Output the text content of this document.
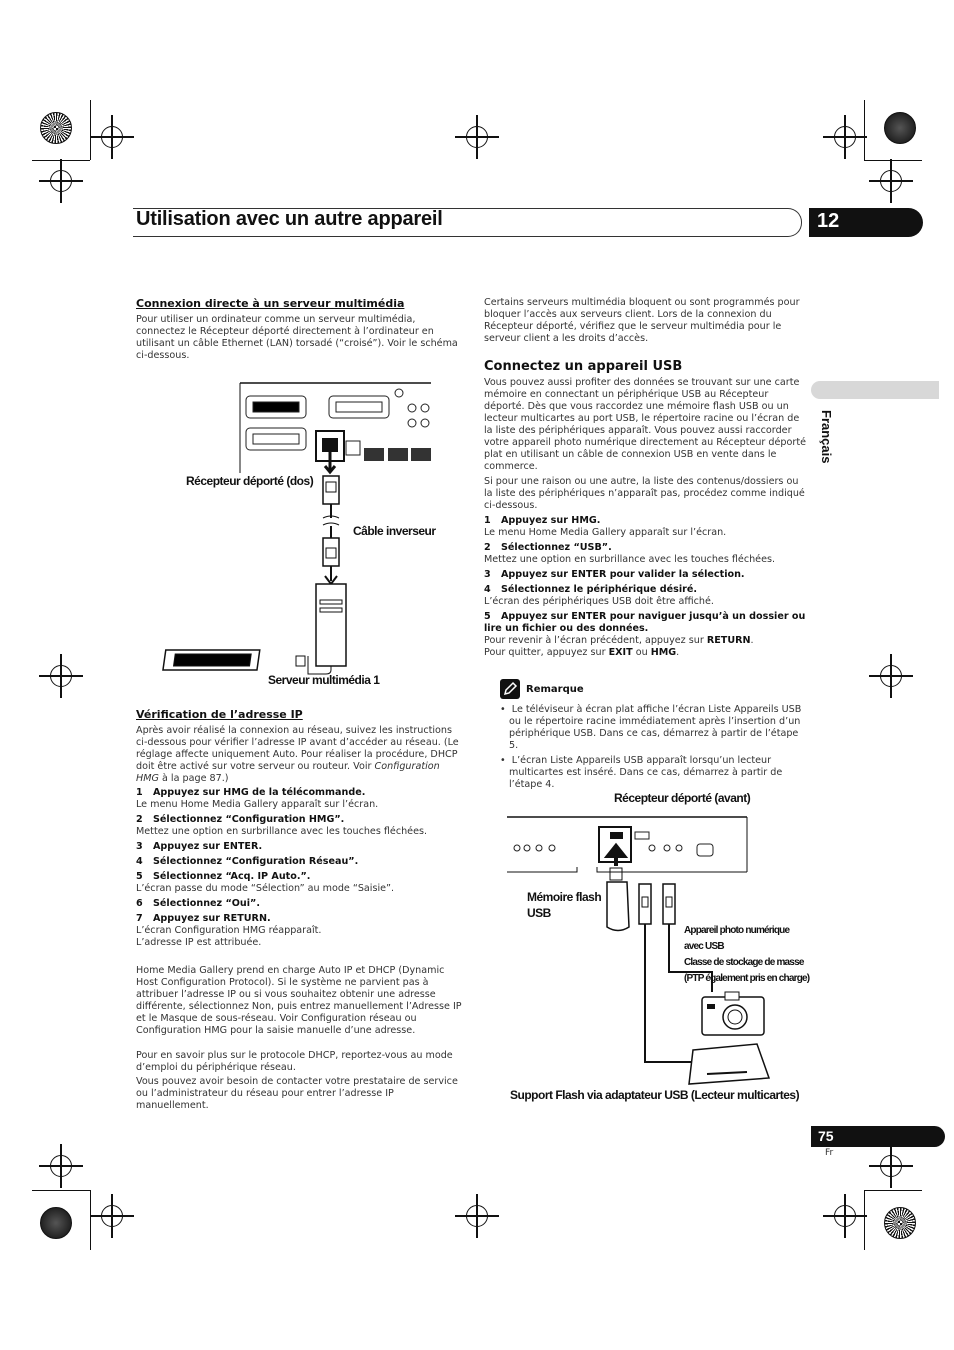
Utilisation avec un autre appareil	12
Français
Connexion directe à un serveur multimédia
Pour utiliser un ordinateur comme un serveur multimédia, connectez le Récepteur déporté directement à l’ordinateur en utilisant un câble Ethernet (LAN) torsadé (“croisé”). Voir le schéma ci-dessous.
Récepteur déporté (dos)
Câble inverseur
Serveur multimédia 1
Vérification de l’adresse IP
Après avoir réalisé la connexion au réseau, suivez les instructions ci-dessous pour vérifier l’adresse IP avant d’accéder au réseau. (Le réglage affecte uniquement Auto. Pour réaliser la procédure, DHCP doit être activé sur votre serveur ou routeur. Voir Configuration HMG à la page 87.)
1 Appuyez sur HMG de la télécommande.
Le menu Home Media Gallery apparaît sur l’écran.
2 Sélectionnez “Configuration HMG”.
Mettez une option en surbrillance avec les touches fléchées.
3 Appuyez sur ENTER.
4 Sélectionnez “Configuration Réseau”.
5 Sélectionnez “Acq. IP Auto.”.
L’écran passe du mode “Sélection” au mode “Saisie”.
6 Sélectionnez “Oui”.
7 Appuyez sur RETURN.
L’écran Configuration HMG réapparaît.
L’adresse IP est attribuée.
Home Media Gallery prend en charge Auto IP et DHCP (Dynamic Host Configuration Protocol). Si le système ne parvient pas à attribuer l’adresse IP ou si vous souhaitez obtenir une adresse différente, sélectionnez Non, puis entrez manuellement l’Adresse IP et le Masque de sous-réseau. Voir Configuration réseau ou Configuration HMG pour la saisie manuelle d’une adresse.
Pour en savoir plus sur le protocole DHCP, reportez-vous au mode d’emploi du périphérique réseau.
Vous pouvez avoir besoin de contacter votre prestataire de service ou l’administrateur du réseau pour entrer l’adresse IP manuellement.
Certains serveurs multimédia bloquent ou sont programmés pour bloquer l’accès aux serveurs client. Lors de la connexion du Récepteur déporté, vérifiez que le serveur multimédia pour le serveur client a les droits d’accès.
Connectez un appareil USB
Vous pouvez aussi profiter des données se trouvant sur une carte mémoire en connectant un périphérique USB au Récepteur déporté. Dès que vous raccordez une mémoire flash USB ou un lecteur multicartes au port USB, le répertoire racine ou l’écran de la liste des périphériques apparaît. Vous pouvez aussi raccorder votre appareil photo numérique directement au Récepteur déporté plat en utilisant un câble de connexion USB en vente dans le commerce.
Si pour une raison ou une autre, la liste des contenus/dossiers ou la liste des périphériques n’apparaît pas, procédez comme indiqué ci-dessous.
1 Appuyez sur HMG.
Le menu Home Media Gallery apparaît sur l’écran.
2 Sélectionnez “USB”.
Mettez une option en surbrillance avec les touches fléchées.
3 Appuyez sur ENTER pour valider la sélection.
4 Sélectionnez le périphérique désiré.
L’écran des périphériques USB doit être affiché.
5 Appuyez sur ENTER pour naviguer jusqu’à un dossier ou lire un fichier ou des données.
Pour revenir à l’écran précédent, appuyez sur RETURN.
Pour quitter, appuyez sur EXIT ou HMG.
Remarque
•  Le téléviseur à écran plat affiche l’écran Liste Appareils USB ou le répertoire racine immédiatement après l’insertion d’un périphérique USB. Dans ce cas, démarrez à partir de l’étape 5.
•  L’écran Liste Appareils USB apparaît lorsqu’un lecteur multicartes est inséré. Dans ce cas, démarrez à partir de l’étape 4.
Récepteur déporté (avant)
Mémoire flash
USB
Appareil photo numérique
avec USB
Classe de stockage de masse
(PTP également pris en charge)
Support Flash via adaptateur USB (Lecteur multicartes)
75
Fr
